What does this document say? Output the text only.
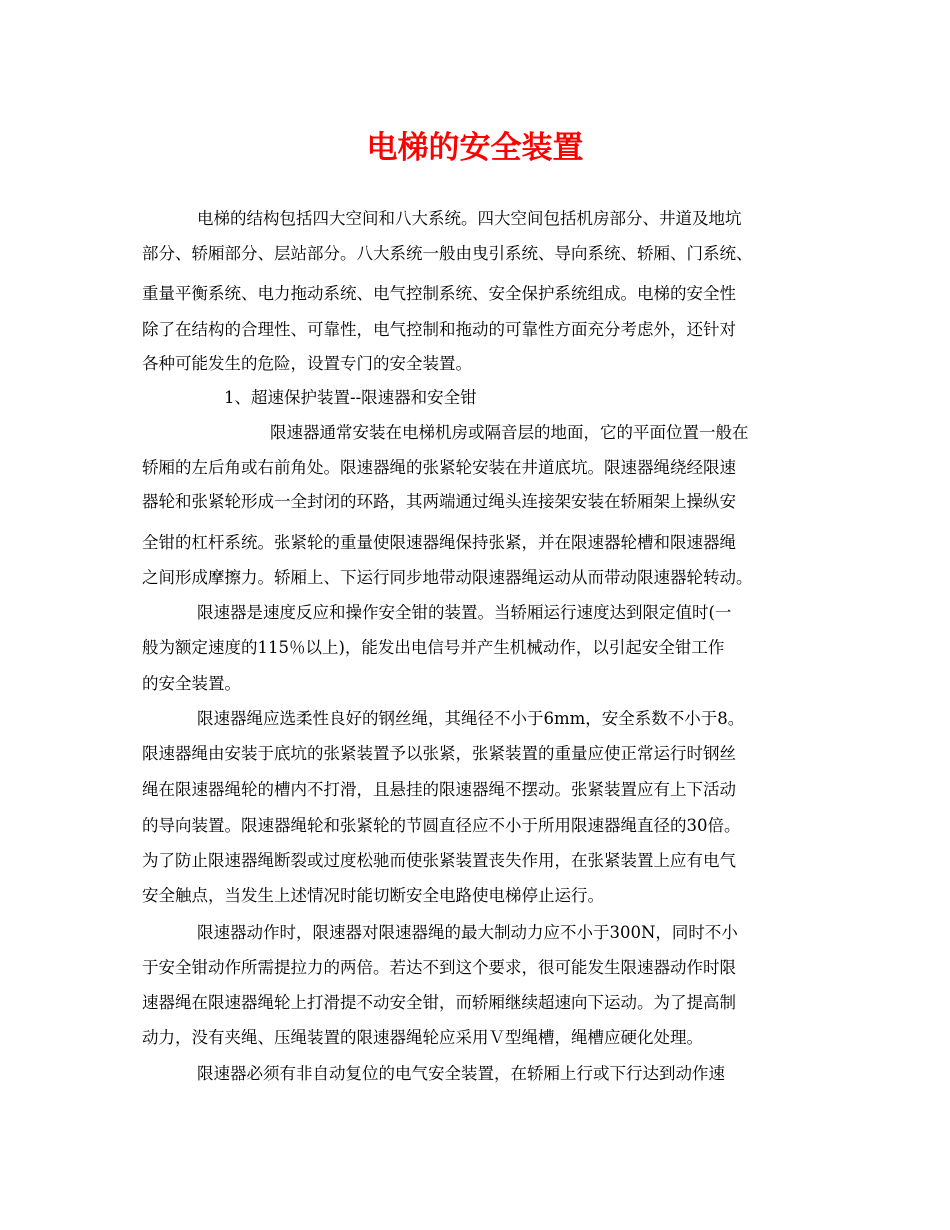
电梯的安全装置

电梯的结构包括四大空间和八大系统。四大空间包括机房部分、井道及地坑

部分、轿厢部分、层站部分。八大系统一般由曳引系统、导向系统、轿厢、门系统、

重量平衡系统、电力拖动系统、电气控制系统、安全保护系统组成。电梯的安全性

除了在结构的合理性、可靠性，电气控制和拖动的可靠性方面充分考虑外，还针对

各种可能发生的危险，设置专门的安全装置。

1、超速保护装置--限速器和安全钳

限速器通常安装在电梯机房或隔音层的地面，它的平面位置一般在

轿厢的左后角或右前角处。限速器绳的张紧轮安装在井道底坑。限速器绳绕经限速

器轮和张紧轮形成一全封闭的环路，其两端通过绳头连接架安装在轿厢架上操纵安

全钳的杠杆系统。张紧轮的重量使限速器绳保持张紧，并在限速器轮槽和限速器绳

之间形成摩擦力。轿厢上、下运行同步地带动限速器绳运动从而带动限速器轮转动。

限速器是速度反应和操作安全钳的装置。当轿厢运行速度达到限定值时(一

般为额定速度的115％以上)，能发出电信号并产生机械动作，以引起安全钳工作

的安全装置。

限速器绳应选柔性良好的钢丝绳，其绳径不小于6mm，安全系数不小于8。

限速器绳由安装于底坑的张紧装置予以张紧，张紧装置的重量应使正常运行时钢丝

绳在限速器绳轮的槽内不打滑，且悬挂的限速器绳不摆动。张紧装置应有上下活动

的导向装置。限速器绳轮和张紧轮的节圆直径应不小于所用限速器绳直径的30倍。

为了防止限速器绳断裂或过度松驰而使张紧装置丧失作用，在张紧装置上应有电气

安全触点，当发生上述情况时能切断安全电路使电梯停止运行。

限速器动作时，限速器对限速器绳的最大制动力应不小于300N，同时不小

于安全钳动作所需提拉力的两倍。若达不到这个要求，很可能发生限速器动作时限

速器绳在限速器绳轮上打滑提不动安全钳，而轿厢继续超速向下运动。为了提高制

动力，没有夹绳、压绳装置的限速器绳轮应采用Ｖ型绳槽，绳槽应硬化处理。

限速器必须有非自动复位的电气安全装置，在轿厢上行或下行达到动作速
